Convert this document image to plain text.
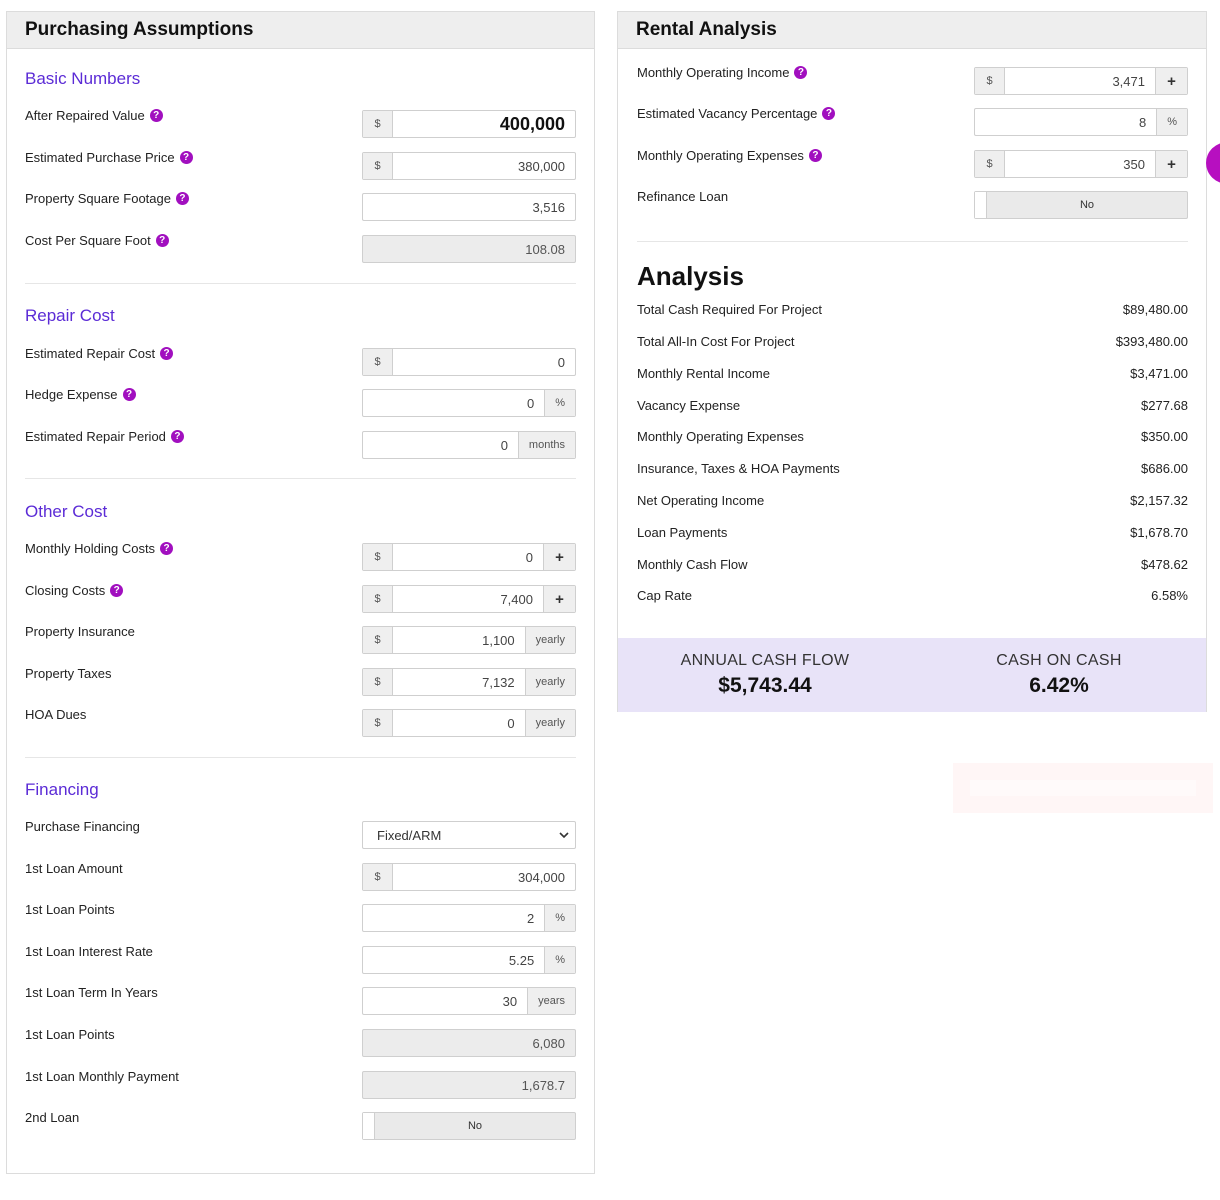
Purchasing Assumptions
Basic Numbers
After Repaired Value ?
$	400,000
Estimated Purchase Price ?
$	380,000
Property Square Footage ?
3,516
Cost Per Square Foot ?
108.08
Repair Cost
Estimated Repair Cost ?
$	0
Hedge Expense ?
0	%
Estimated Repair Period ?
0	months
Other Cost
Monthly Holding Costs ?
$	0	+
Closing Costs ?
$	7,400	+
Property Insurance
$	1,100	yearly
Property Taxes
$	7,132	yearly
HOA Dues
$	0	yearly
Financing
Purchase Financing
Fixed/ARM
1st Loan Amount
$	304,000
1st Loan Points
2	%
1st Loan Interest Rate
5.25	%
1st Loan Term In Years
30	years
1st Loan Points
6,080
1st Loan Monthly Payment
1,678.7
2nd Loan
No
Rental Analysis
Monthly Operating Income ?
$	3,471	+
Estimated Vacancy Percentage ?
8	%
Monthly Operating Expenses ?
$	350	+
Refinance Loan
No
Analysis
Total Cash Required For Project	$89,480.00
Total All-In Cost For Project	$393,480.00
Monthly Rental Income	$3,471.00
Vacancy Expense	$277.68
Monthly Operating Expenses	$350.00
Insurance, Taxes & HOA Payments	$686.00
Net Operating Income	$2,157.32
Loan Payments	$1,678.70
Monthly Cash Flow	$478.62
Cap Rate	6.58%
ANNUAL CASH FLOW
$5,743.44
CASH ON CASH
6.42%
